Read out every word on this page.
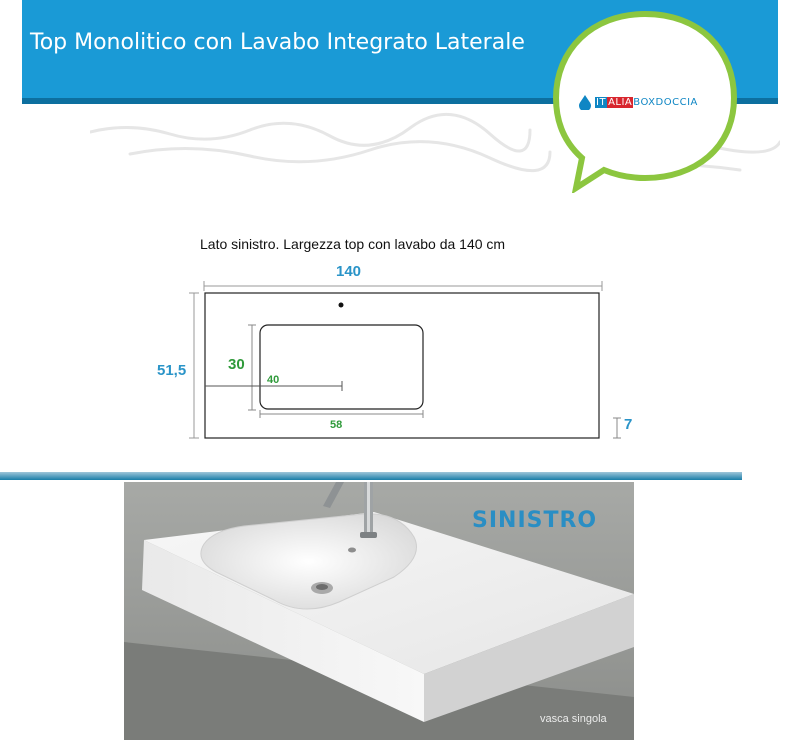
Top Monolitico con Lavabo Integrato Laterale
IT ALIABOXDOCCIA
Lato sinistro. Largezza top con lavabo da 140 cm
140
51,5	30
40
58	7
SINISTRO
vasca singola
